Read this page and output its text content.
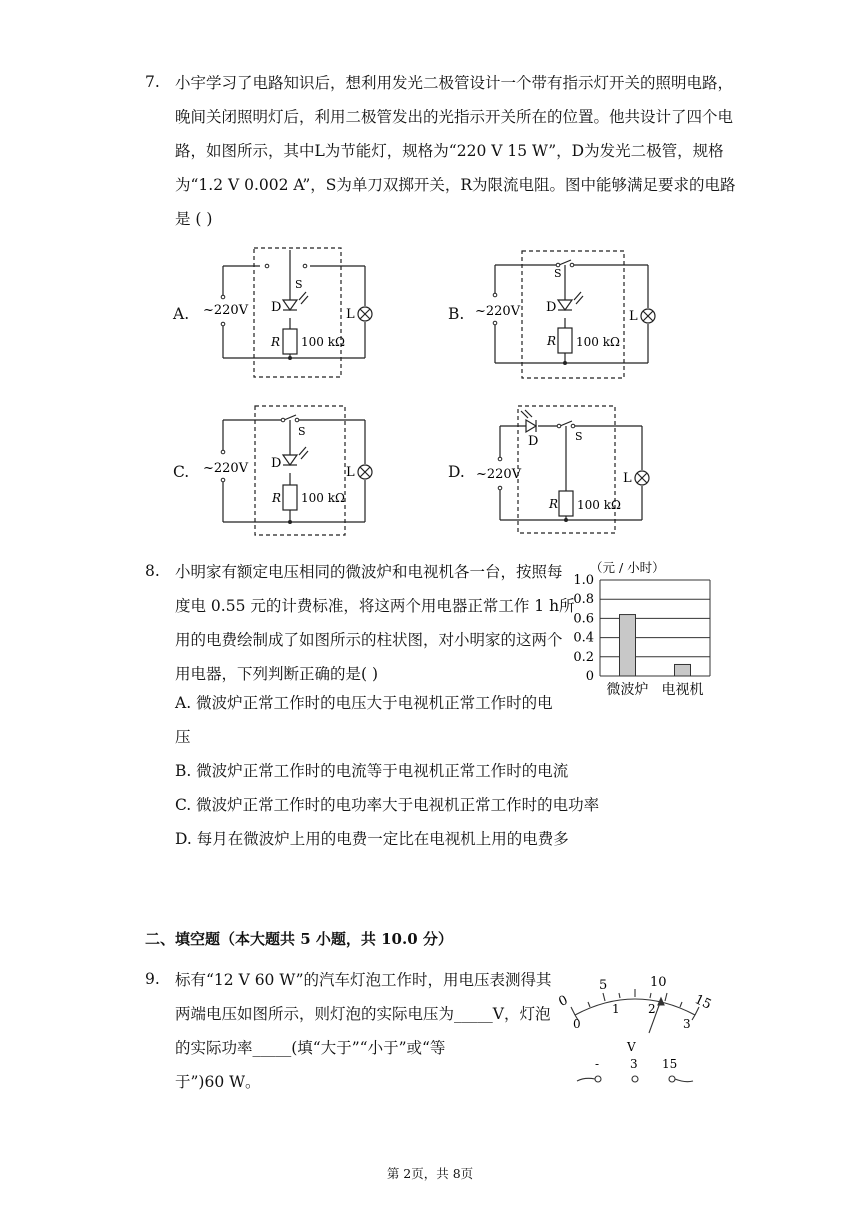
7. 小宇学习了电路知识后，想利用发光二极管设计一个带有指示灯开关的照明电路，
晚间关闭照明灯后，利用二极管发出的光指示开关所在的位置。他共设计了四个电
路，如图所示，其中L为节能灯，规格为“220 V 15 W”，D为发光二极管，规格
为“1.2 V 0.002 A”，S为单刀双掷开关，R为限流电阻。图中能够满足要求的电路
是 ( )
A.	B.
C.	D.
S
D
R 100 kΩ
~220V	L
S
D
R 100 kΩ
~220V	L
S
D
R 100 kΩ
~220V	L
S
D
R 100 kΩ
~220V	L
8. 小明家有额定电压相同的微波炉和电视机各一台，按照每
度电 0.55 元的计费标准，将这两个用电器正常工作 1 h所
用的电费绘制成了如图所示的柱状图，对小明家的这两个
用电器，下列判断正确的是( )
A. 微波炉正常工作时的电压大于电视机正常工作时的电
压
B. 微波炉正常工作时的电流等于电视机正常工作时的电流
C. 微波炉正常工作时的电功率大于电视机正常工作时的电功率
D. 每月在微波炉上用的电费一定比在电视机上用的电费多
（元 / 小时）
0
0.2
0.4
0.6
0.8
1.0
微波炉 电视机
二、填空题（本大题共 5 小题，共 10.0 分）
9. 标有“12 V 60 W”的汽车灯泡工作时，用电压表测得其
两端电压如图所示，则灯泡的实际电压为_____V，灯泡
的实际功率_____(填“大于”“小于”或“等
于”)60 W。
0
5	10
15
0
1 2
3
V
-	3 15
第 2页，共 8页
